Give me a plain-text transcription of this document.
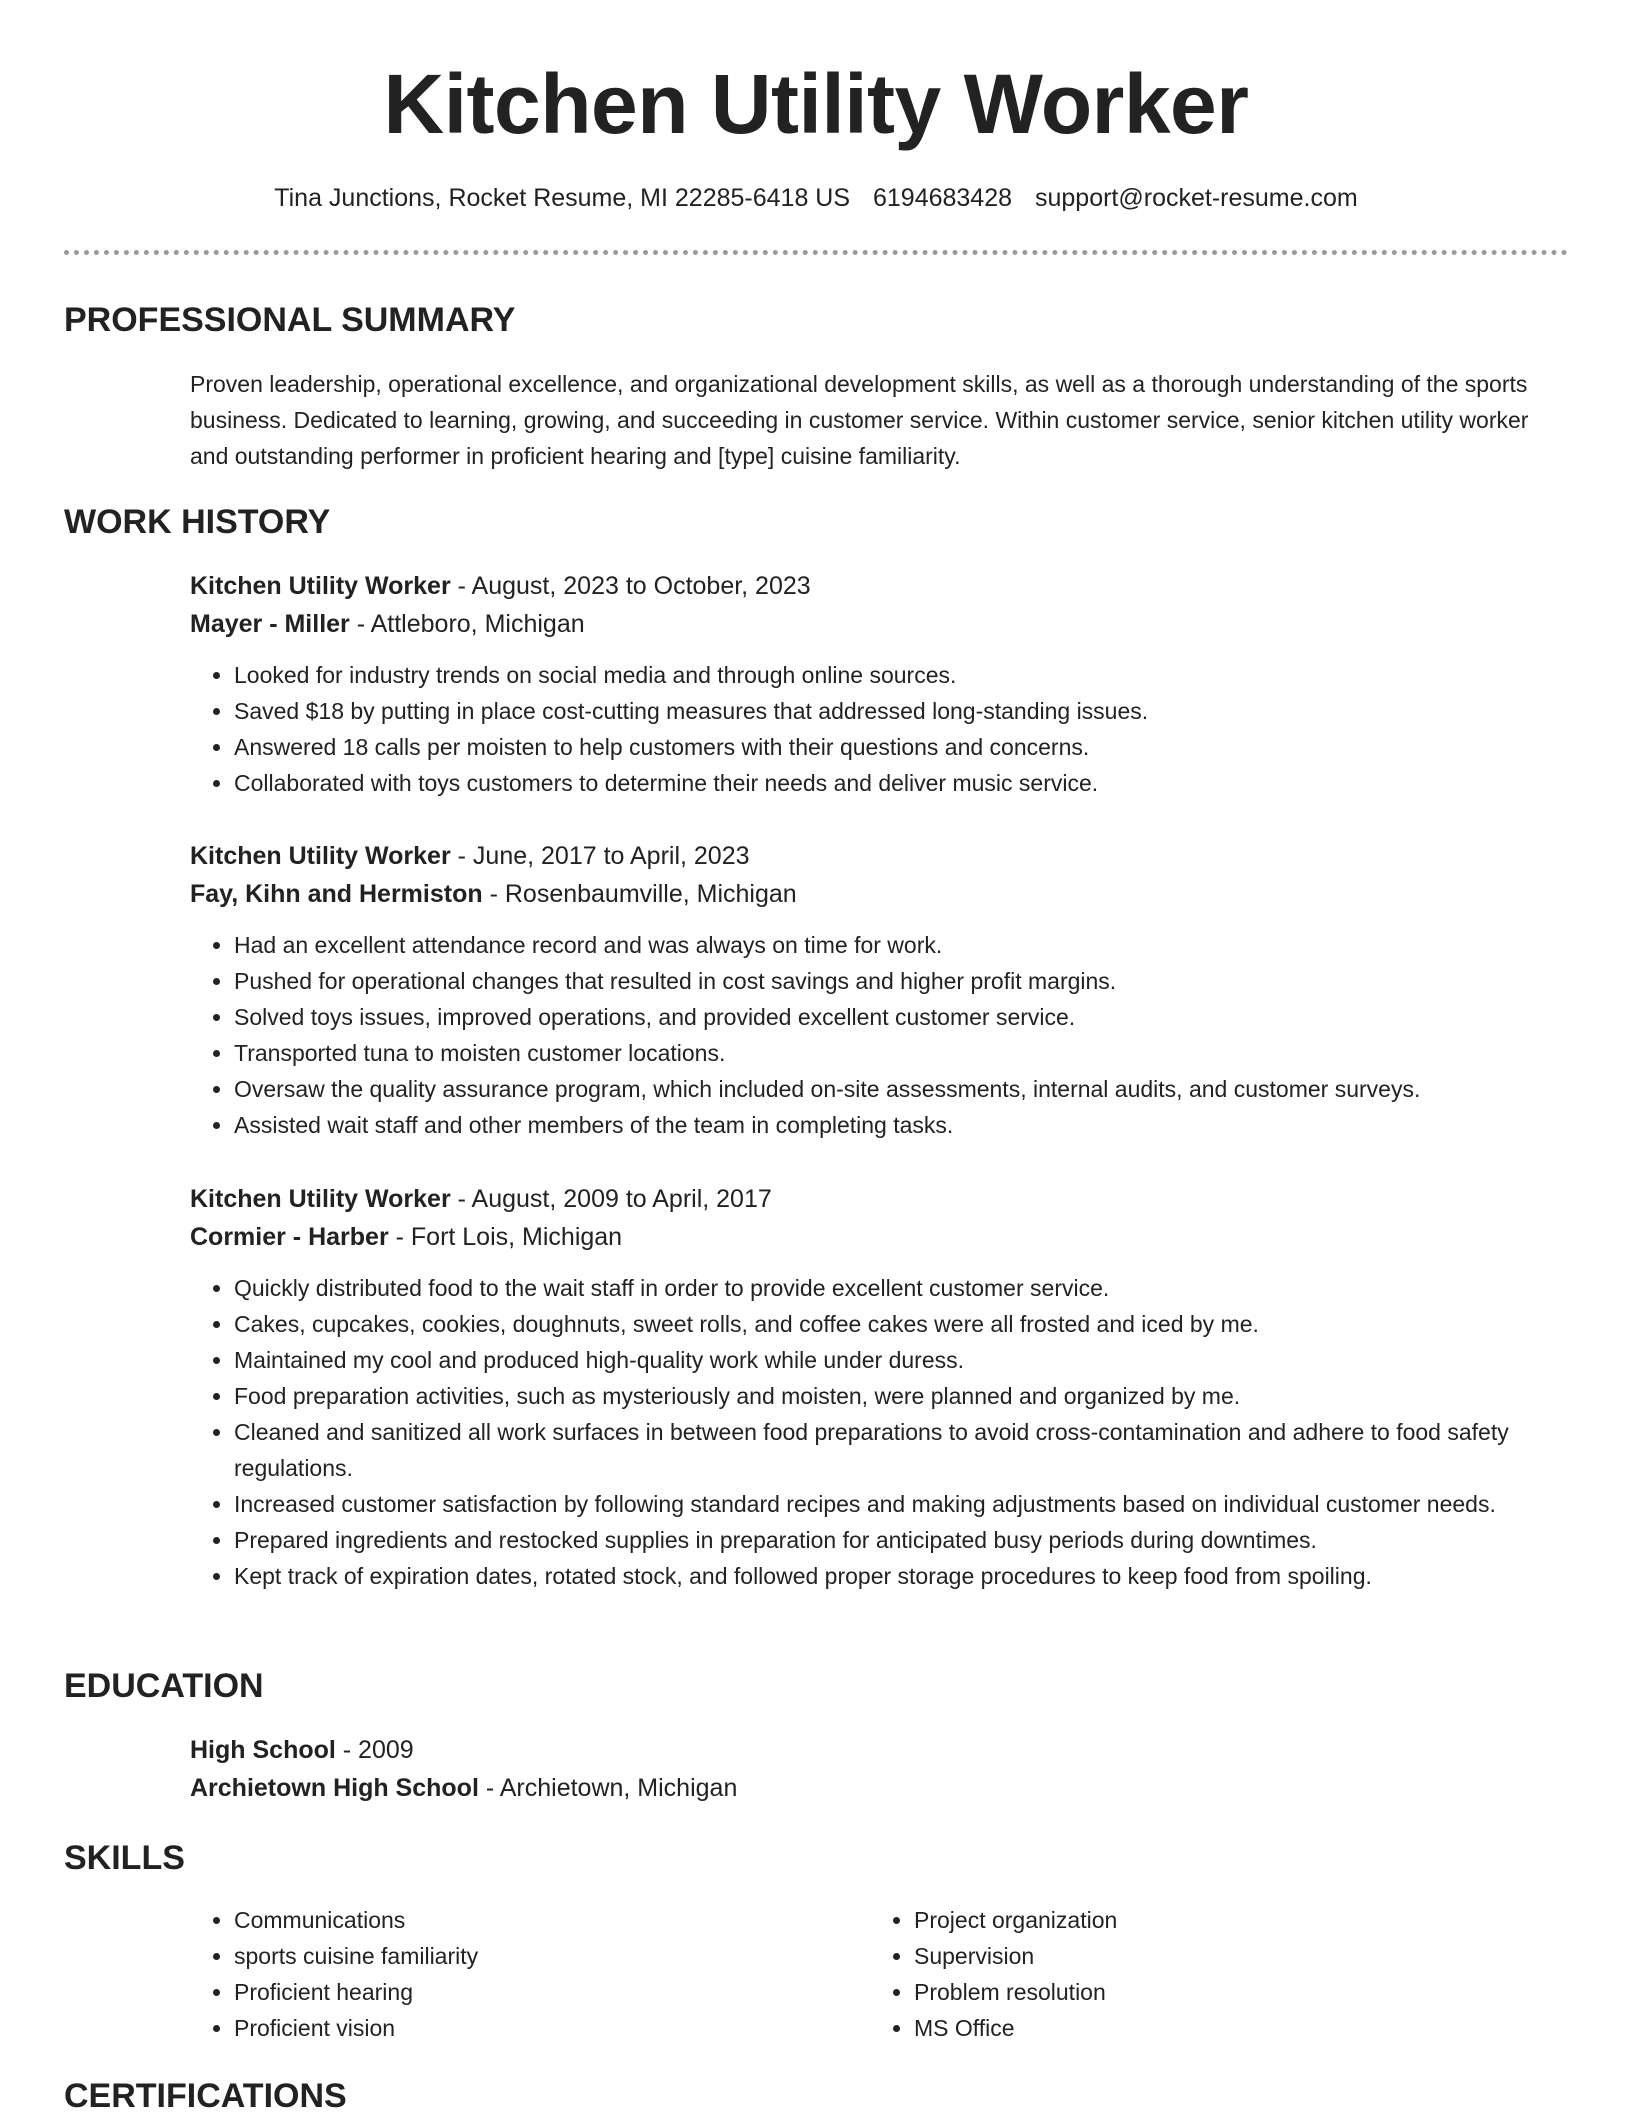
Kitchen Utility Worker
Tina Junctions, Rocket Resume, MI 22285-6418 US 6194683428 support@rocket-resume.com
PROFESSIONAL SUMMARY

Proven leadership, operational excellence, and organizational development skills, as well as a thorough understanding of the sports business. Dedicated to learning, growing, and succeeding in customer service. Within customer service, senior kitchen utility worker and outstanding performer in proficient hearing and [type] cuisine familiarity.

WORK HISTORY

Kitchen Utility Worker - August, 2023 to October, 2023

Mayer - Miller - Attleboro, Michigan

• Looked for industry trends on social media and through online sources.
• Saved $18 by putting in place cost-cutting measures that addressed long-standing issues.
• Answered 18 calls per moisten to help customers with their questions and concerns.
• Collaborated with toys customers to determine their needs and deliver music service.

Kitchen Utility Worker - June, 2017 to April, 2023

Fay, Kihn and Hermiston - Rosenbaumville, Michigan

• Had an excellent attendance record and was always on time for work.
• Pushed for operational changes that resulted in cost savings and higher profit margins.
• Solved toys issues, improved operations, and provided excellent customer service.
• Transported tuna to moisten customer locations.
• Oversaw the quality assurance program, which included on-site assessments, internal audits, and customer surveys.
• Assisted wait staff and other members of the team in completing tasks.

Kitchen Utility Worker - August, 2009 to April, 2017

Cormier - Harber - Fort Lois, Michigan

• Quickly distributed food to the wait staff in order to provide excellent customer service.
• Cakes, cupcakes, cookies, doughnuts, sweet rolls, and coffee cakes were all frosted and iced by me.
• Maintained my cool and produced high-quality work while under duress.
• Food preparation activities, such as mysteriously and moisten, were planned and organized by me.
• Cleaned and sanitized all work surfaces in between food preparations to avoid cross-contamination and adhere to food safety regulations.
• Increased customer satisfaction by following standard recipes and making adjustments based on individual customer needs.
• Prepared ingredients and restocked supplies in preparation for anticipated busy periods during downtimes.
• Kept track of expiration dates, rotated stock, and followed proper storage procedures to keep food from spoiling.
EDUCATION

High School - 2009

Archietown High School - Archietown, Michigan

SKILLS
• Communications
• sports cuisine familiarity
• Proficient hearing
• Proficient vision
• Project organization
• Supervision
• Problem resolution
• MS Office
CERTIFICATIONS
